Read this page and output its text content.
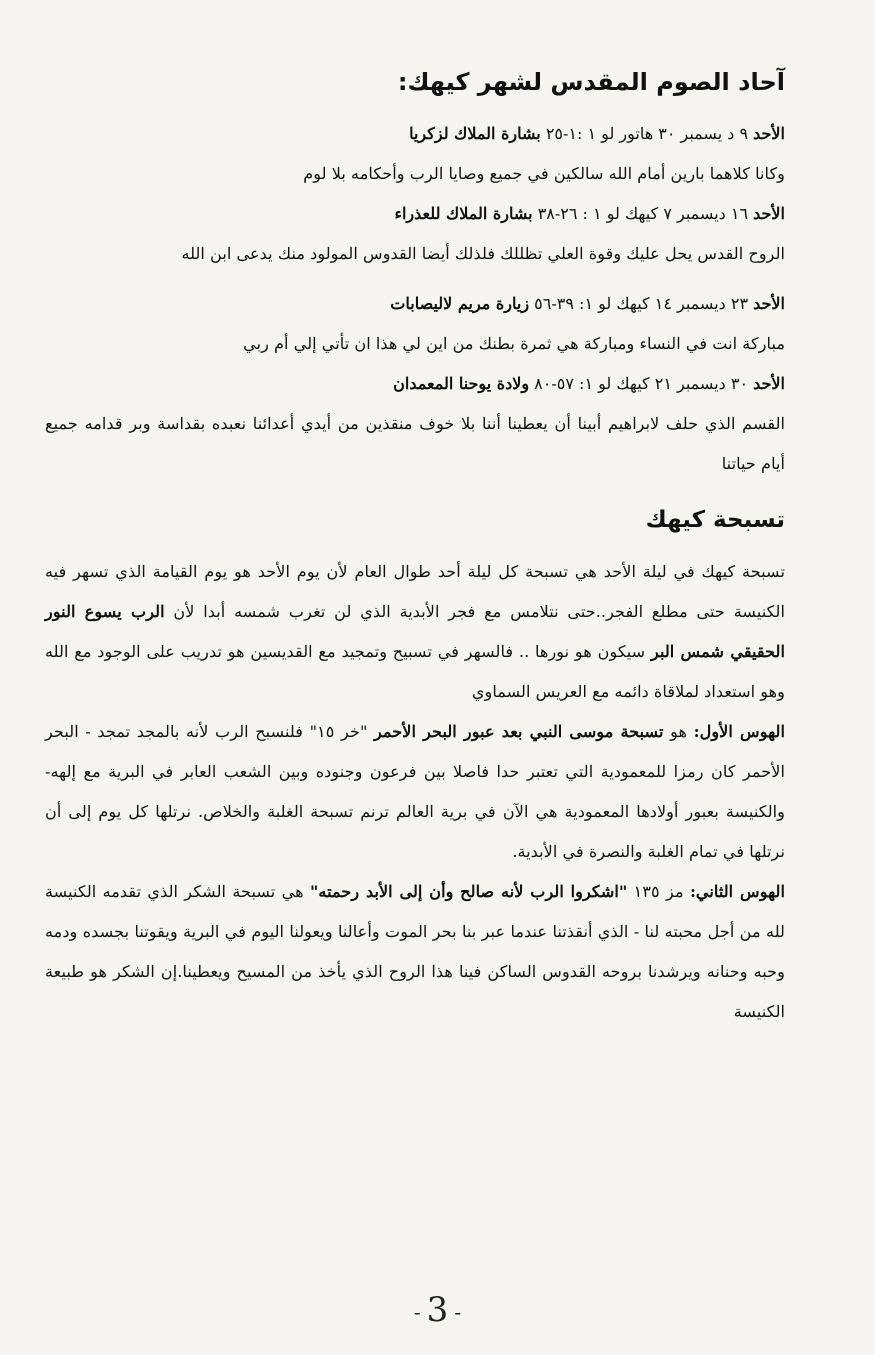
آحاد الصوم المقدس لشهر كيهك:

الأحد ٩ د يسمبر ٣٠ هاتور لو ١ :١-٢٥ بشارة الملاك لزكريا

وكانا كلاهما بارين أمام الله سالكين في جميع وصايا الرب وأحكامه بلا لوم

الأحد ١٦ ديسمبر ٧ كيهك لو ١ : ٢٦-٣٨ بشارة الملاك للعذراء

الروح القدس يحل عليك وقوة العلي تظللك فلذلك أيضا القدوس المولود منك يدعى ابن الله

الأحد ٢٣ ديسمبر ١٤ كيهك لو ١: ٣٩-٥٦ زيارة مريم لاليصابات

مباركة انت في النساء ومباركة هي ثمرة بطنك من اين لي هذا ان تأتي إلي أم ربي

الأحد ٣٠ ديسمبر ٢١ كيهك لو ١: ٥٧-٨٠ ولادة يوحنا المعمدان

القسم الذي حلف لابراهيم أبينا أن يعطينا أننا بلا خوف منقذين من أيدي أعدائنا نعبده بقداسة وبر قدامه جميع أيام حياتنا

تسبحة كيهك

تسبحة كيهك في ليلة الأحد هي تسبحة كل ليلة أحد طوال العام لأن يوم الأحد هو يوم القيامة الذي تسهر فيه الكنيسة حتى مطلع الفجر..حتى نتلامس مع فجر الأبدية الذي لن تغرب شمسه أبدا لأن الرب يسوع النور الحقيقي شمس البر سيكون هو نورها .. فالسهر في تسبيح وتمجيد مع القديسين هو تدريب على الوجود مع الله وهو استعداد لملاقاة دائمه مع العريس السماوي

الهوس الأول: هو تسبحة موسى النبي بعد عبور البحر الأحمر "خر ١٥" فلنسبح الرب لأنه بالمجد تمجد - البحر الأحمر كان رمزا للمعمودية التي تعتبر حدا فاصلا بين فرعون وجنوده وبين الشعب العابر في البرية مع إلهه- والكنيسة بعبور أولادها المعمودية هي الآن في برية العالم ترنم تسبحة الغلبة والخلاص. نرتلها كل يوم إلى أن نرتلها في تمام الغلبة والنصرة في الأبدية.

الهوس الثاني: مز ١٣٥ "اشكروا الرب لأنه صالح وأن إلى الأبد رحمته" هي تسبحة الشكر الذي تقدمه الكنيسة لله من أجل محبته لنا - الذي أنقذتنا عندما عبر بنا بحر الموت وأعالنا ويعولنا اليوم في البرية ويقوتنا بجسده ودمه وحبه وحنانه ويرشدنا بروحه القدوس الساكن فينا هذا الروح الذي يأخذ من المسيح ويعطينا.إن الشكر هو طبيعة الكنيسة

- 3 -
